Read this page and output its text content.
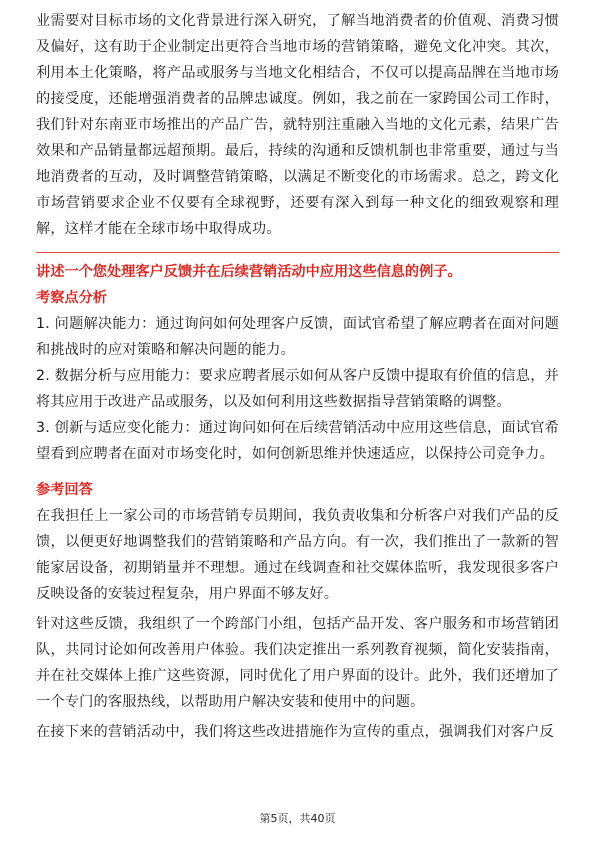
业需要对目标市场的文化背景进行深入研究，了解当地消费者的价值观、消费习惯及偏好，这有助于企业制定出更符合当地市场的营销策略，避免文化冲突。其次，利用本土化策略，将产品或服务与当地文化相结合，不仅可以提高品牌在当地市场的接受度，还能增强消费者的品牌忠诚度。例如，我之前在一家跨国公司工作时，我们针对东南亚市场推出的产品广告，就特别注重融入当地的文化元素，结果广告效果和产品销量都远超预期。最后，持续的沟通和反馈机制也非常重要，通过与当地消费者的互动，及时调整营销策略，以满足不断变化的市场需求。总之，跨文化市场营销要求企业不仅要有全球视野，还要有深入到每一种文化的细致观察和理解，这样才能在全球市场中取得成功。

讲述一个您处理客户反馈并在后续营销活动中应用这些信息的例子。

考察点分析

1. 问题解决能力：通过询问如何处理客户反馈，面试官希望了解应聘者在面对问题和挑战时的应对策略和解决问题的能力。

2. 数据分析与应用能力：要求应聘者展示如何从客户反馈中提取有价值的信息，并将其应用于改进产品或服务，以及如何利用这些数据指导营销策略的调整。

3. 创新与适应变化能力：通过询问如何在后续营销活动中应用这些信息，面试官希望看到应聘者在面对市场变化时，如何创新思维并快速适应，以保持公司竞争力。

参考回答

在我担任上一家公司的市场营销专员期间，我负责收集和分析客户对我们产品的反馈，以便更好地调整我们的营销策略和产品方向。有一次，我们推出了一款新的智能家居设备，初期销量并不理想。通过在线调查和社交媒体监听，我发现很多客户反映设备的安装过程复杂，用户界面不够友好。

针对这些反馈，我组织了一个跨部门小组，包括产品开发、客户服务和市场营销团队，共同讨论如何改善用户体验。我们决定推出一系列教育视频，简化安装指南，并在社交媒体上推广这些资源，同时优化了用户界面的设计。此外，我们还增加了一个专门的客服热线，以帮助用户解决安装和使用中的问题。

在接下来的营销活动中，我们将这些改进措施作为宣传的重点，强调我们对客户反

第5页，共40页
